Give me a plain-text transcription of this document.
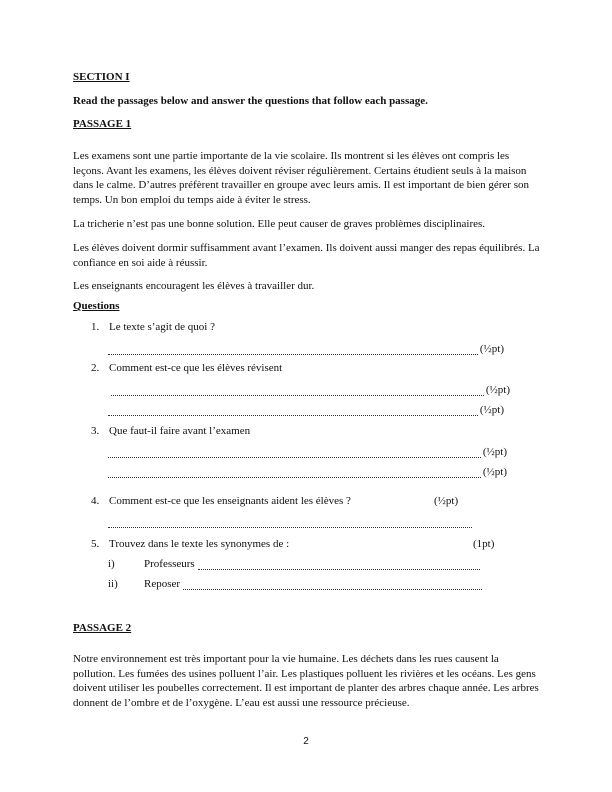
SECTION I
Read the passages below and answer the questions that follow each passage.
PASSAGE 1
Les examens sont une partie importante de la vie scolaire. Ils montrent si les élèves ont compris les leçons. Avant les examens, les élèves doivent réviser régulièrement. Certains étudient seuls à la maison dans le calme. D’autres préfèrent travailler en groupe avec leurs amis. Il est important de bien gérer son temps. Un bon emploi du temps aide à éviter le stress.
La tricherie n’est pas une bonne solution. Elle peut causer de graves problèmes disciplinaires.
Les élèves doivent dormir suffisamment avant l’examen. Ils doivent aussi manger des repas équilibrés. La confiance en soi aide à réussir.
Les enseignants encouragent les élèves à travailler dur.
Questions
1. Le texte s’agit de quoi ?
(½pt)
2. Comment est-ce que les élèves révisent
(½pt)
(½pt)
3. Que faut-il faire avant l’examen
(½pt)
(½pt)
4. Comment est-ce que les enseignants aident les élèves ?	(½pt)
5. Trouvez dans le texte les synonymes de :	(1pt)
i)	Professeurs
ii)	Reposer
PASSAGE 2
Notre environnement est très important pour la vie humaine. Les déchets dans les rues causent la pollution. Les fumées des usines polluent l’air. Les plastiques polluent les rivières et les océans. Les gens doivent utiliser les poubelles correctement. Il est important de planter des arbres chaque année. Les arbres donnent de l’ombre et de l’oxygène. L’eau est aussi une ressource précieuse.
2
